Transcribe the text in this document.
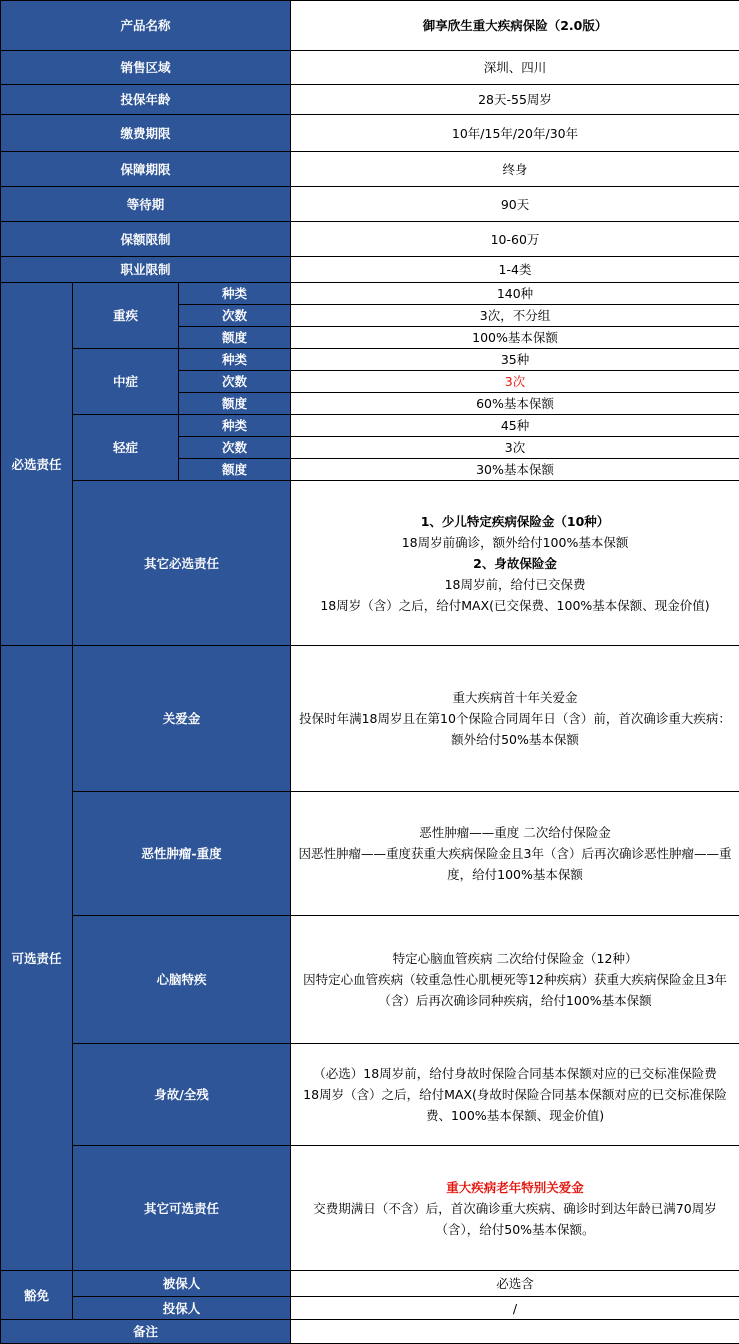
产品名称			御享欣生重大疾病保险（2.0版）
销售区域			深圳、四川
投保年龄			28天-55周岁
缴费期限			10年/15年/20年/30年
保障期限			终身
等待期			90天
保额限制			10-60万
职业限制			1-4类
必选责任	重疾	种类	140种
		次数	3次，不分组
		额度	100%基本保额
	中症	种类	35种
		次数	3次
		额度	60%基本保额
	轻症	种类	45种
		次数	3次
		额度	30%基本保额
	其它必选责任		1、少儿特定疾病保险金（10种）
18周岁前确诊，额外给付100%基本保额
2、身故保险金
18周岁前，给付已交保费
18周岁（含）之后，给付MAX(已交保费、100%基本保额、现金价值)

可选责任	关爱金		重大疾病首十年关爱金
投保时年满18周岁且在第10个保险合同周年日（含）前，首次确诊重大疾病：额外给付50%基本保额

	恶性肿瘤-重度		恶性肿瘤——重度 二次给付保险金
因恶性肿瘤——重度获重大疾病保险金且3年（含）后再次确诊恶性肿瘤——重度，给付100%基本保额

	心脑特疾		特定心脑血管疾病 二次给付保险金（12种）
因特定心血管疾病（较重急性心肌梗死等12种疾病）获重大疾病保险金且3年（含）后再次确诊同种疾病，给付100%基本保额

	身故/全残		（必选）18周岁前，给付身故时保险合同基本保额对应的已交标准保险费
18周岁（含）之后，给付MAX(身故时保险合同基本保额对应的已交标准保险费、100%基本保额、现金价值)

	其它可选责任		重大疾病老年特别关爱金
交费期满日（不含）后，首次确诊重大疾病、确诊时到达年龄已满70周岁（含），给付50%基本保额。

豁免	被保人		必选含
	投保人		/
备注			
